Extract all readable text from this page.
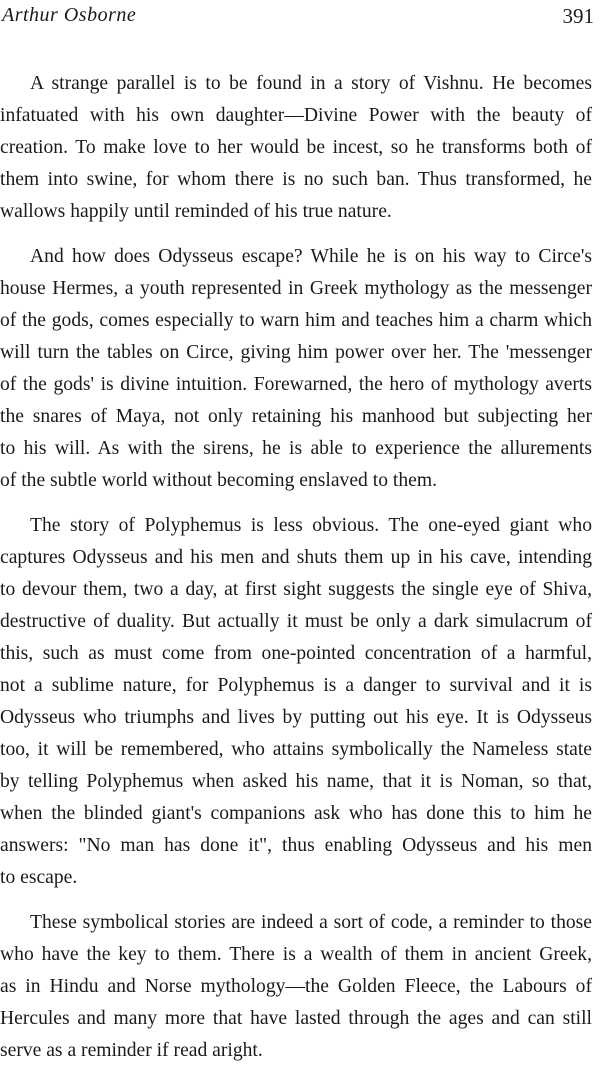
Arthur Osborne	391

A strange parallel is to be found in a story of Vishnu. He becomes
infatuated with his own daughter—Divine Power with the beauty of
creation. To make love to her would be incest, so he transforms both of
them into swine, for whom there is no such ban. Thus transformed, he
wallows happily until reminded of his true nature.

And how does Odysseus escape? While he is on his way to Circe's
house Hermes, a youth represented in Greek mythology as the messenger
of the gods, comes especially to warn him and teaches him a charm which
will turn the tables on Circe, giving him power over her. The 'messenger
of the gods' is divine intuition. Forewarned, the hero of mythology averts
the snares of Maya, not only retaining his manhood but subjecting her
to his will. As with the sirens, he is able to experience the allurements
of the subtle world without becoming enslaved to them.

The story of Polyphemus is less obvious. The one-eyed giant who
captures Odysseus and his men and shuts them up in his cave, intending
to devour them, two a day, at first sight suggests the single eye of Shiva,
destructive of duality. But actually it must be only a dark simulacrum of
this, such as must come from one-pointed concentration of a harmful,
not a sublime nature, for Polyphemus is a danger to survival and it is
Odysseus who triumphs and lives by putting out his eye. It is Odysseus
too, it will be remembered, who attains symbolically the Nameless state
by telling Polyphemus when asked his name, that it is Noman, so that,
when the blinded giant's companions ask who has done this to him he
answers: "No man has done it", thus enabling Odysseus and his men
to escape.

These symbolical stories are indeed a sort of code, a reminder to those
who have the key to them. There is a wealth of them in ancient Greek,
as in Hindu and Norse mythology—the Golden Fleece, the Labours of
Hercules and many more that have lasted through the ages and can still
serve as a reminder if read aright.
